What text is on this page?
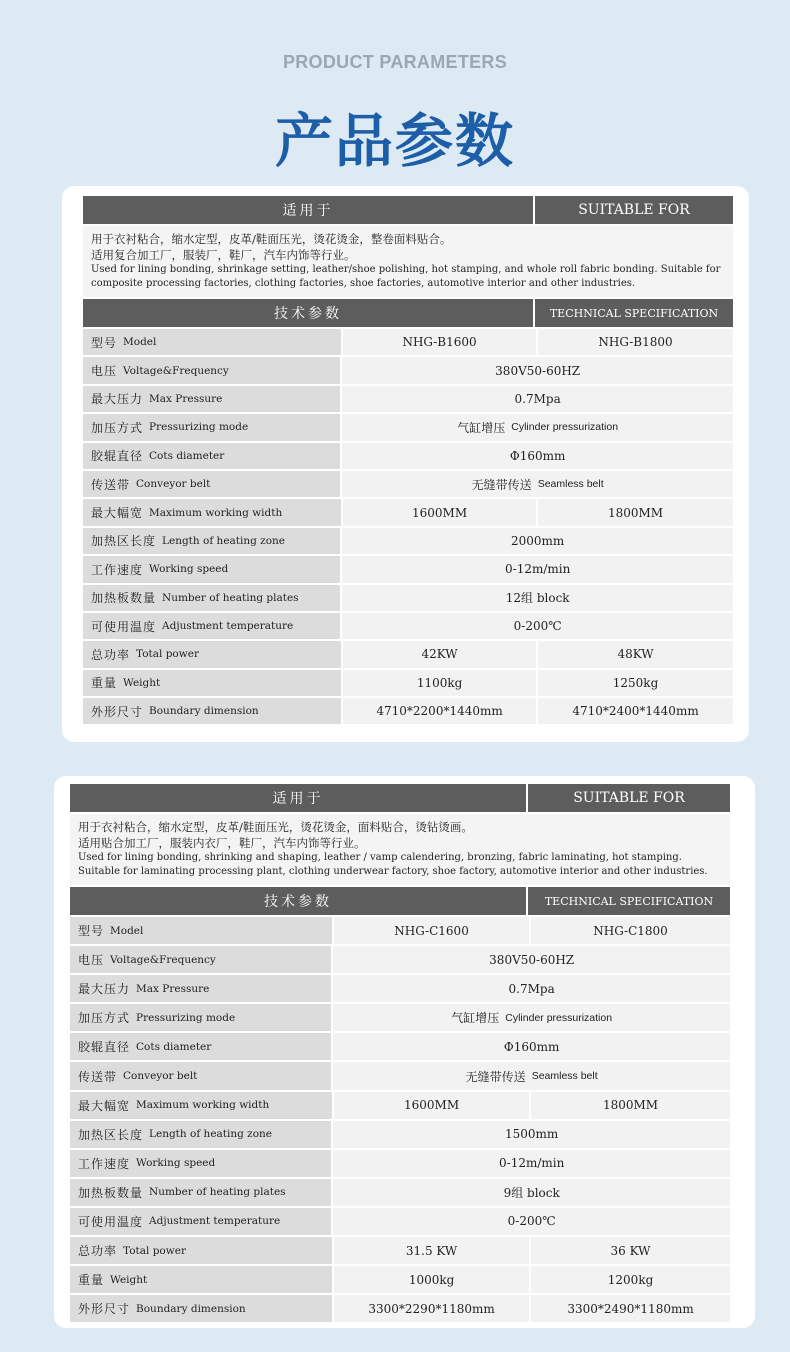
PRODUCT PARAMETERS
产品参数
适用于	SUITABLE FOR
用于衣衬粘合，缩水定型，皮革/鞋面压光，烫花烫金，整卷面料贴合。
适用复合加工厂，服装厂，鞋厂，汽车内饰等行业。
Used for lining bonding, shrinkage setting, leather/shoe polishing, hot stamping, and whole roll fabric bonding. Suitable for
composite processing factories, clothing factories, shoe factories, automotive interior and other industries.
技术参数	TECHNICAL SPECIFICATION
型号 Model	NHG-B1600	NHG-B1800
电压 Voltage&Frequency	380V50-60HZ
最大压力 Max Pressure	0.7Mpa
加压方式 Pressurizing mode	气缸增压 Cylinder pressurization
胶辊直径 Cots diameter	Φ160mm
传送带 Conveyor belt	无缝带传送 Seamless belt
最大幅宽 Maximum working width	1600MM	1800MM
加热区长度 Length of heating zone	2000mm
工作速度 Working speed	0-12m/min
加热板数量 Number of heating plates	12组 block
可使用温度 Adjustment temperature	0-200℃
总功率 Total power	42KW	48KW
重量 Weight	1100kg	1250kg
外形尺寸 Boundary dimension	4710*2200*1440mm	4710*2400*1440mm
适用于	SUITABLE FOR
用于衣衬粘合，缩水定型，皮革/鞋面压光，烫花烫金，面料贴合，烫钻烫画。
适用贴合加工厂，服装内衣厂，鞋厂，汽车内饰等行业。
Used for lining bonding, shrinking and shaping, leather / vamp calendering, bronzing, fabric laminating, hot stamping.
Suitable for laminating processing plant, clothing underwear factory, shoe factory, automotive interior and other industries.
技术参数	TECHNICAL SPECIFICATION
型号 Model	NHG-C1600	NHG-C1800
电压 Voltage&Frequency	380V50-60HZ
最大压力 Max Pressure	0.7Mpa
加压方式 Pressurizing mode	气缸增压 Cylinder pressurization
胶辊直径 Cots diameter	Φ160mm
传送带 Conveyor belt	无缝带传送 Seamless belt
最大幅宽 Maximum working width	1600MM	1800MM
加热区长度 Length of heating zone	1500mm
工作速度 Working speed	0-12m/min
加热板数量 Number of heating plates	9组 block
可使用温度 Adjustment temperature	0-200℃
总功率 Total power	31.5 KW	36 KW
重量 Weight	1000kg	1200kg
外形尺寸 Boundary dimension	3300*2290*1180mm	3300*2490*1180mm
